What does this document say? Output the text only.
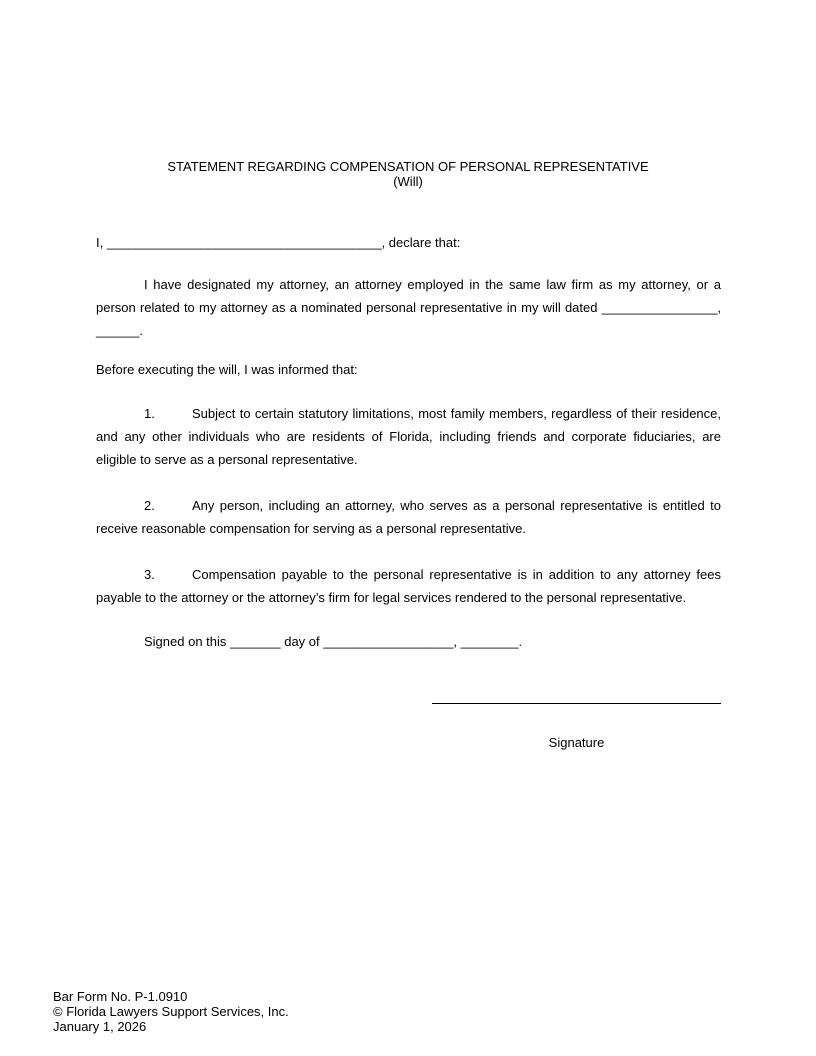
STATEMENT REGARDING COMPENSATION OF PERSONAL REPRESENTATIVE
(Will)
I, ______________________________________, declare that:
I have designated my attorney, an attorney employed in the same law firm as my attorney, or a person related to my attorney as a nominated personal representative in my will dated ________________, ______.
Before executing the will, I was informed that:
1.	Subject to certain statutory limitations, most family members, regardless of their residence, and any other individuals who are residents of Florida, including friends and corporate fiduciaries, are eligible to serve as a personal representative.
2.	Any person, including an attorney, who serves as a personal representative is entitled to receive reasonable compensation for serving as a personal representative.
3.	Compensation payable to the personal representative is in addition to any attorney fees payable to the attorney or the attorney’s firm for legal services rendered to the personal representative.
Signed on this _______ day of __________________, ________.
Signature
Bar Form No. P-1.0910
© Florida Lawyers Support Services, Inc.
January 1, 2026
